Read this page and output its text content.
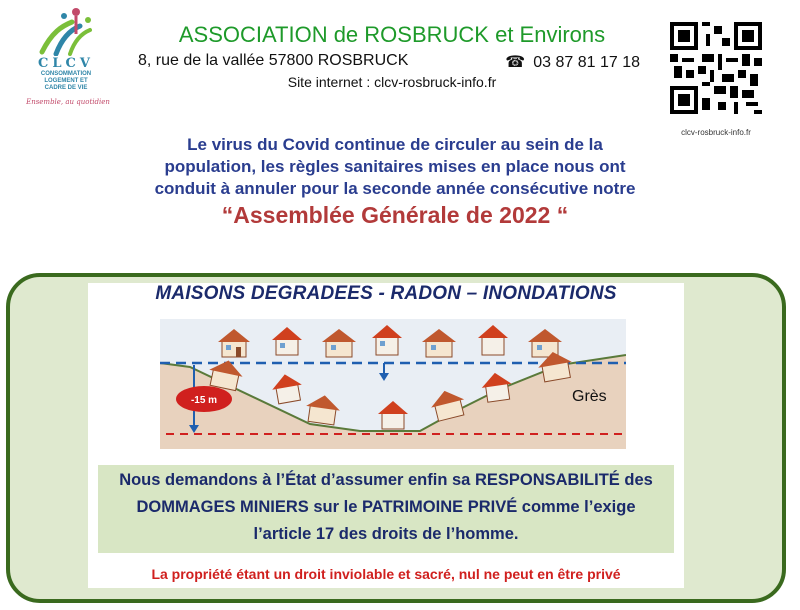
CLCV
CONSOMMATION
LOGEMENT ET
CADRE DE VIE
Ensemble, au quotidien
ASSOCIATION de ROSBRUCK et Environs
8, rue de la vallée 57800 ROSBRUCK	☎ 03 87 81 17 18
Site internet : clcv-rosbruck-info.fr
clcv-rosbruck-info.fr
Le virus du Covid continue de circuler au sein de la
population, les règles sanitaires mises en place nous ont
conduit à annuler pour la seconde année consécutive notre
“Assemblée Générale de 2022 “
MAISONS DEGRADEES - RADON – INONDATIONS
-15 m	Grès
Nous demandons à l’État d’assumer enfin sa RESPONSABILITÉ des
DOMMAGES MINIERS sur le PATRIMOINE PRIVÉ comme l’exige
l’article 17 des droits de l’homme.
La propriété étant un droit inviolable et sacré, nul ne peut en être privé
